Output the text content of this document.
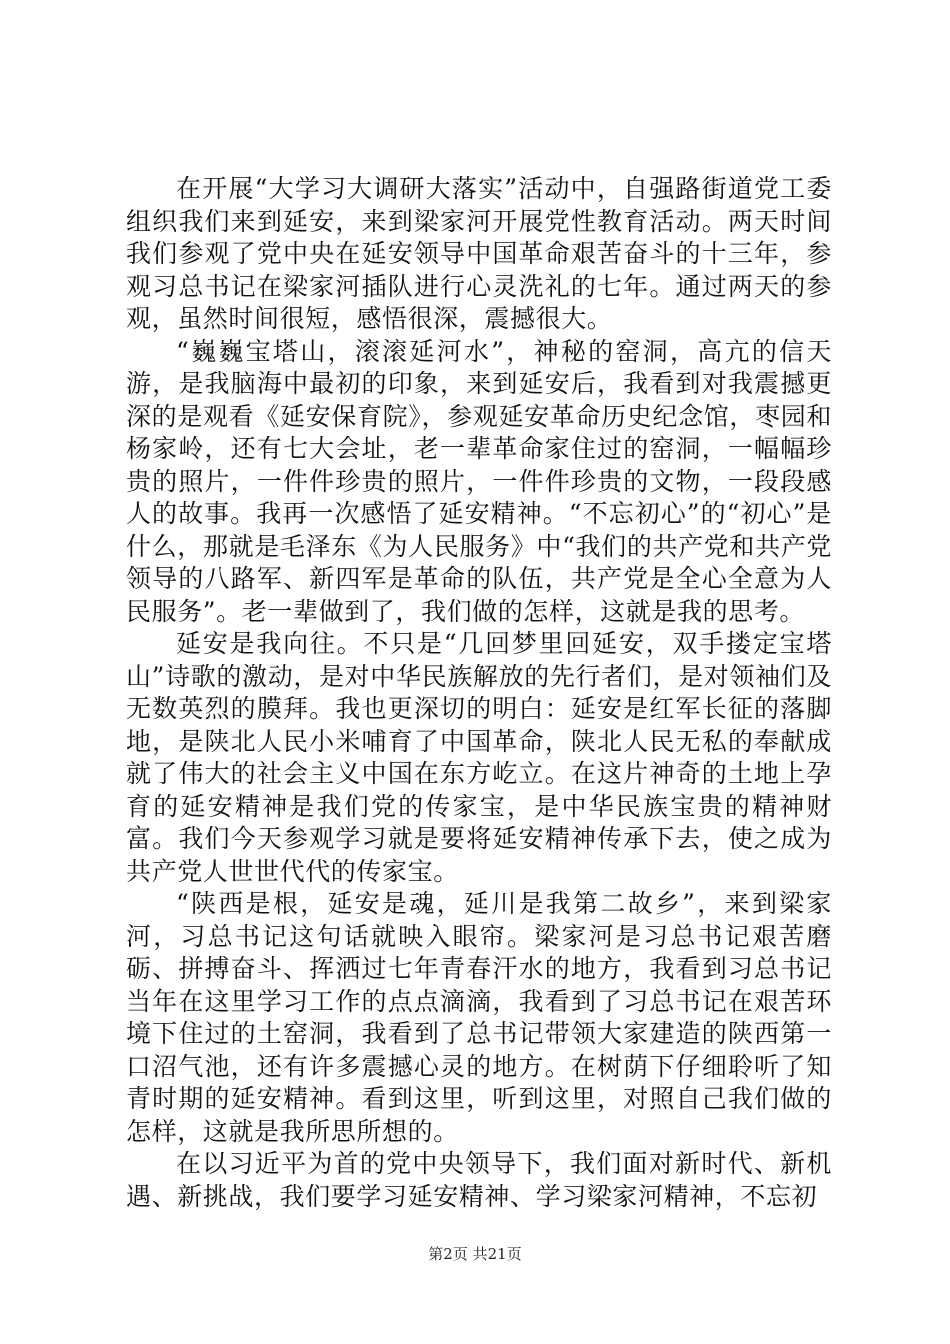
在开展“大学习大调研大落实”活动中，自强路街道党工委组织我们来到延安，来到梁家河开展党性教育活动。两天时间我们参观了党中央在延安领导中国革命艰苦奋斗的十三年，参观习总书记在梁家河插队进行心灵洗礼的七年。通过两天的参观，虽然时间很短，感悟很深，震撼很大。

“巍巍宝塔山，滚滚延河水”，神秘的窑洞，高亢的信天游，是我脑海中最初的印象，来到延安后，我看到对我震撼更深的是观看《延安保育院》，参观延安革命历史纪念馆，枣园和杨家岭，还有七大会址，老一辈革命家住过的窑洞，一幅幅珍贵的照片，一件件珍贵的照片，一件件珍贵的文物，一段段感人的故事。我再一次感悟了延安精神。“不忘初心”的“初心”是什么，那就是毛泽东《为人民服务》中“我们的共产党和共产党领导的八路军、新四军是革命的队伍，共产党是全心全意为人民服务”。老一辈做到了，我们做的怎样，这就是我的思考。

延安是我向往。不只是“几回梦里回延安，双手搂定宝塔山”诗歌的激动，是对中华民族解放的先行者们，是对领袖们及无数英烈的膜拜。我也更深切的明白：延安是红军长征的落脚地，是陕北人民小米哺育了中国革命，陕北人民无私的奉献成就了伟大的社会主义中国在东方屹立。在这片神奇的土地上孕育的延安精神是我们党的传家宝，是中华民族宝贵的精神财富。我们今天参观学习就是要将延安精神传承下去，使之成为共产党人世世代代的传家宝。

“陕西是根，延安是魂，延川是我第二故乡”，来到梁家河，习总书记这句话就映入眼帘。梁家河是习总书记艰苦磨砺、拼搏奋斗、挥洒过七年青春汗水的地方，我看到习总书记当年在这里学习工作的点点滴滴，我看到了习总书记在艰苦环境下住过的土窑洞，我看到了总书记带领大家建造的陕西第一口沼气池，还有许多震撼心灵的地方。在树荫下仔细聆听了知青时期的延安精神。看到这里，听到这里，对照自己我们做的怎样，这就是我所思所想的。

在以习近平为首的党中央领导下，我们面对新时代、新机遇、新挑战，我们要学习延安精神、学习梁家河精神，不忘初

第2页 共21页
